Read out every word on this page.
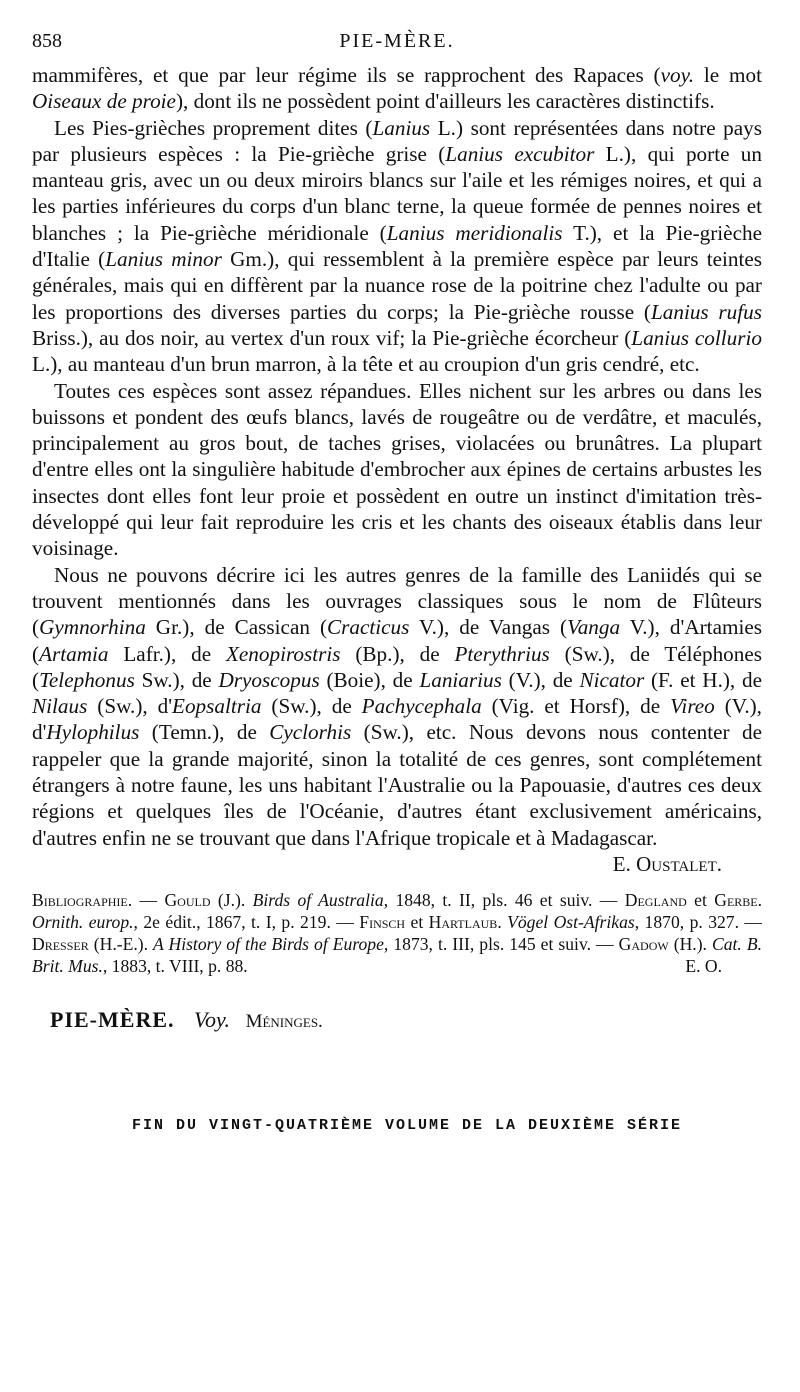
858	PIE-MÈRE.

mammifères, et que par leur régime ils se rapprochent des Rapaces (voy. le mot Oiseaux de proie), dont ils ne possèdent point d'ailleurs les caractères distinctifs.

Les Pies-grièches proprement dites (Lanius L.) sont représentées dans notre pays par plusieurs espèces : la Pie-grièche grise (Lanius excubitor L.), qui porte un manteau gris, avec un ou deux miroirs blancs sur l'aile et les rémiges noires, et qui a les parties inférieures du corps d'un blanc terne, la queue formée de pennes noires et blanches ; la Pie-grièche méridionale (Lanius meridionalis T.), et la Pie-grièche d'Italie (Lanius minor Gm.), qui ressemblent à la première espèce par leurs teintes générales, mais qui en diffèrent par la nuance rose de la poitrine chez l'adulte ou par les proportions des diverses parties du corps; la Pie-grièche rousse (Lanius rufus Briss.), au dos noir, au vertex d'un roux vif; la Pie-grièche écorcheur (Lanius collurio L.), au manteau d'un brun marron, à la tête et au croupion d'un gris cendré, etc.

Toutes ces espèces sont assez répandues. Elles nichent sur les arbres ou dans les buissons et pondent des œufs blancs, lavés de rougeâtre ou de verdâtre, et maculés, principalement au gros bout, de taches grises, violacées ou brunâtres. La plupart d'entre elles ont la singulière habitude d'embrocher aux épines de certains arbustes les insectes dont elles font leur proie et possèdent en outre un instinct d'imitation très-développé qui leur fait reproduire les cris et les chants des oiseaux établis dans leur voisinage.

Nous ne pouvons décrire ici les autres genres de la famille des Laniidés qui se trouvent mentionnés dans les ouvrages classiques sous le nom de Flûteurs (Gymnorhina Gr.), de Cassican (Cracticus V.), de Vangas (Vanga V.), d'Artamies (Artamia Lafr.), de Xenopirostris (Bp.), de Pterythrius (Sw.), de Téléphones (Telephonus Sw.), de Dryoscopus (Boie), de Laniarius (V.), de Nicator (F. et H.), de Nilaus (Sw.), d'Eopsaltria (Sw.), de Pachycephala (Vig. et Horsf), de Vireo (V.), d'Hylophilus (Temn.), de Cyclorhis (Sw.), etc. Nous devons nous contenter de rappeler que la grande majorité, sinon la totalité de ces genres, sont complétement étrangers à notre faune, les uns habitant l'Australie ou la Papouasie, d'autres ces deux régions et quelques îles de l'Océanie, d'autres étant exclusivement américains, d'autres enfin ne se trouvant que dans l'Afrique tropicale et à Madagascar.

E. Oustalet.
Bibliographie. — Gould (J.). Birds of Australia, 1848, t. II, pls. 46 et suiv. — Degland et Gerbe. Ornith. europ., 2e édit., 1867, t. I, p. 219. — Finsch et Hartlaub. Vögel Ost-Afrikas, 1870, p. 327. — Dresser (H.-E.). A History of the Birds of Europe, 1873, t. III, pls. 145 et suiv. — Gadow (H.). Cat. B. Brit. Mus., 1883, t. VIII, p. 88.	E. O.
PIE-MÈRE. Voy. Méninges.
FIN DU VINGT-QUATRIÈME VOLUME DE LA DEUXIÈME SÉRIE
